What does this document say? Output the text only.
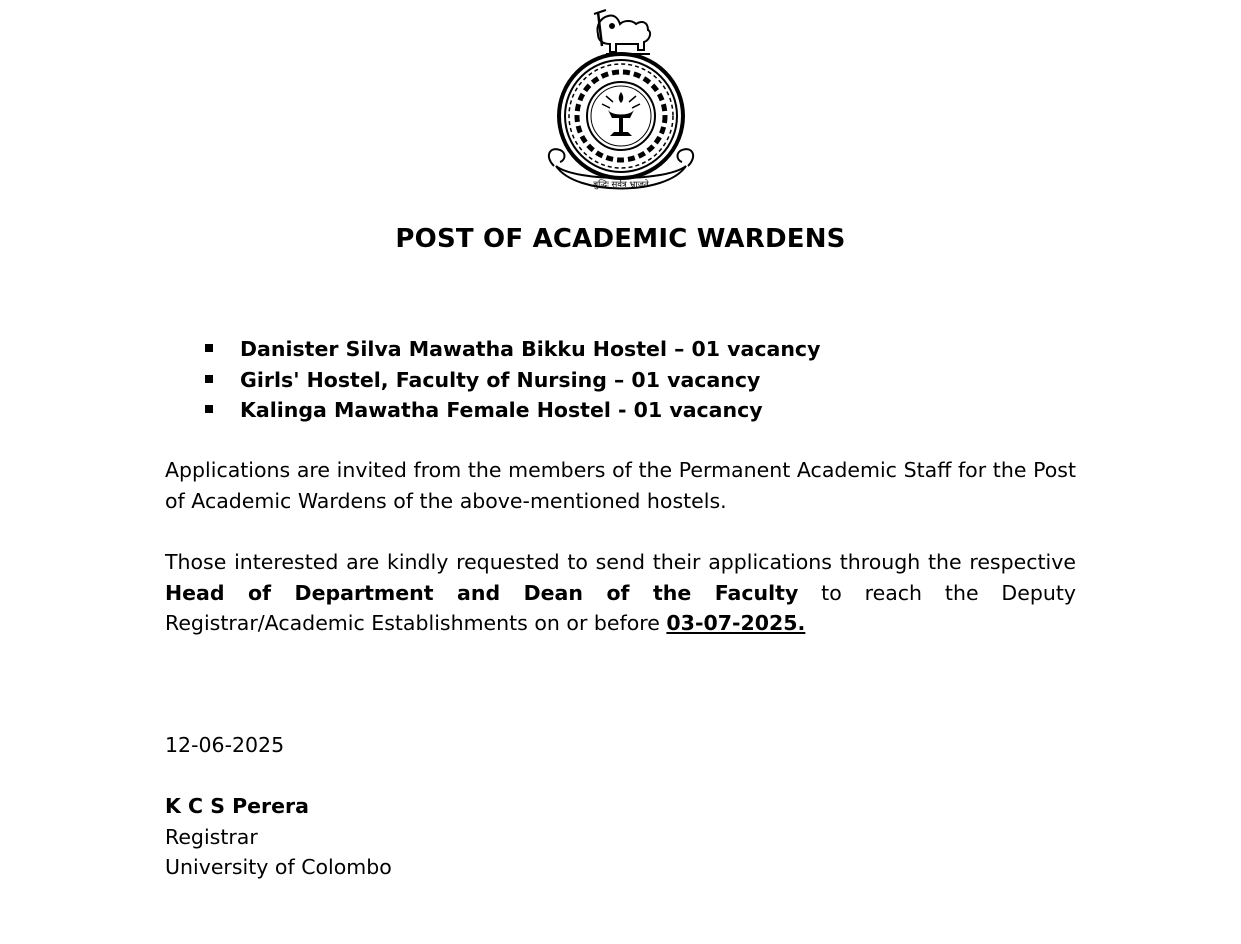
बुद्धिः सर्वत्र भ्राजते
POST OF ACADEMIC WARDENS
Danister Silva Mawatha Bikku Hostel – 01 vacancy
Girls' Hostel, Faculty of Nursing – 01 vacancy
Kalinga Mawatha Female Hostel - 01 vacancy

Applications are invited from the members of the Permanent Academic Staff for the Post of Academic Wardens of the above-mentioned hostels.

Those interested are kindly requested to send their applications through the respective Head of Department and Dean of the Faculty to reach the Deputy Registrar/Academic Establishments on or before 03-07-2025.

12-06-2025

K C S Perera

Registrar

University of Colombo
